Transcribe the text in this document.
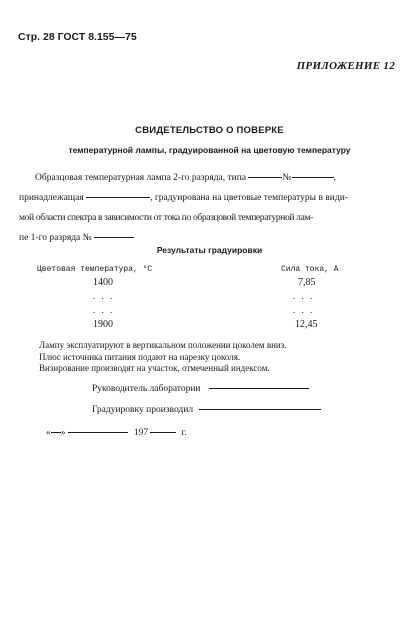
Стр. 28 ГОСТ 8.155—75
ПРИЛОЖЕНИЕ 12
СВИДЕТЕЛЬСТВО О ПОВЕРКЕ
температурной лампы, градуированной на цветовую температуру
Образцовая температурная лампа 2-го разряда, типа	№	,
принадлежащая	, градуирована на цветовые температуры в види-
мой области спектра в зависимости от тока по образцовой температурной лам-
пе 1-го разряда №
Результаты градуировки
Цветовая температура, °С	Сила тока, А
1400	7,85
. . .	. . .
. . .	. . .
1900	12,45
Лампу эксплуатируют в вертикальном положении цоколем вниз.
Плюс источника питания подают на нарезку цоколя.
Визирование производят на участок, отмеченный индексом.
Руководитель лаборатории
Градуировку производил
« »	197	г.
